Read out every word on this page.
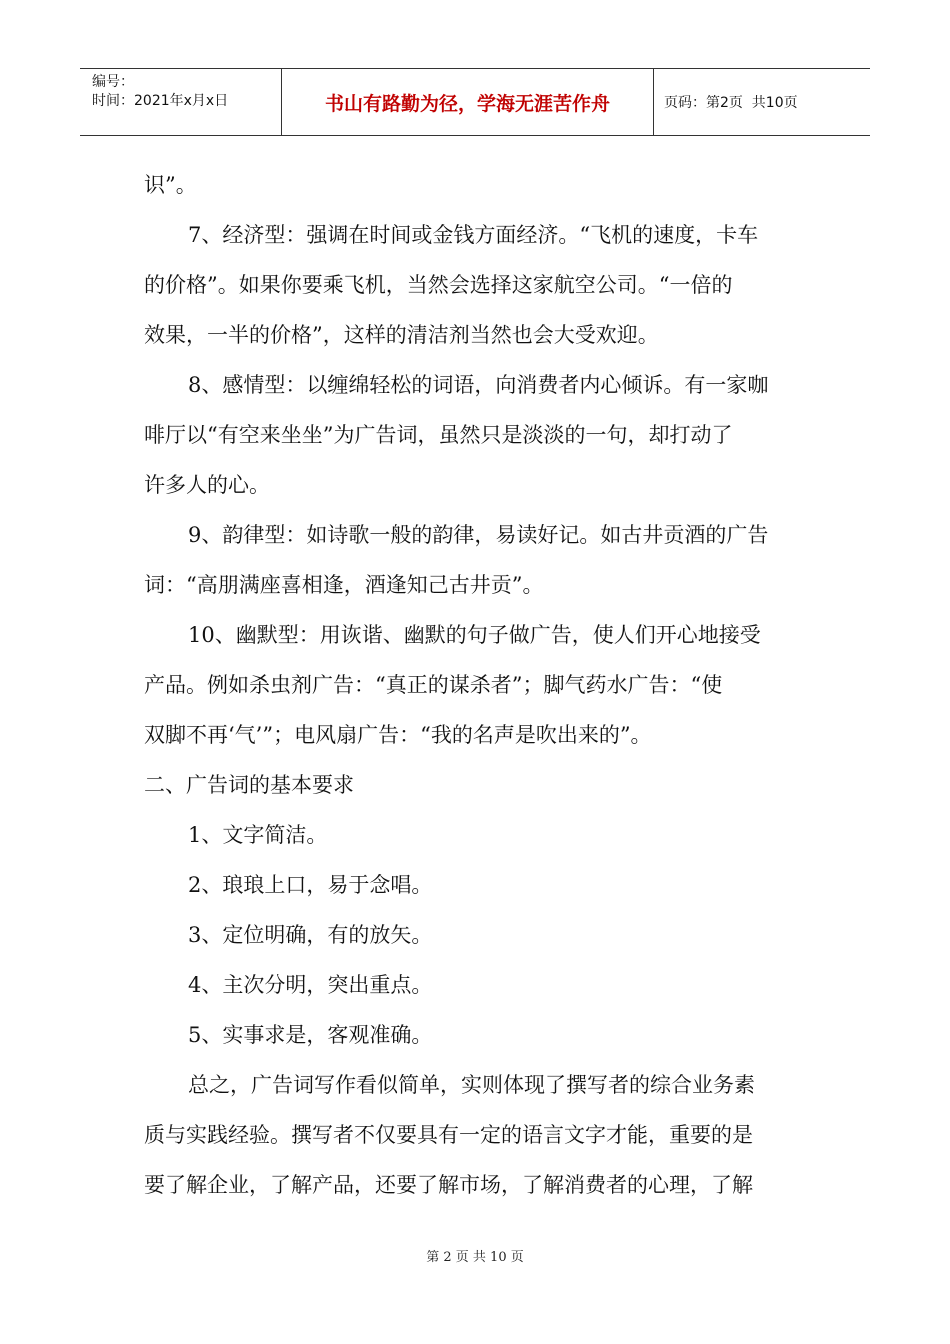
编号：
时间：2021年x月x日	书山有路勤为径，学海无涯苦作舟	页码：第2页  共10页
识”。
7、经济型：强调在时间或金钱方面经济。“飞机的速度，卡车
的价格”。如果你要乘飞机，当然会选择这家航空公司。“一倍的
效果，一半的价格”，这样的清洁剂当然也会大受欢迎。
8、感情型：以缠绵轻松的词语，向消费者内心倾诉。有一家咖
啡厅以“有空来坐坐”为广告词，虽然只是淡淡的一句，却打动了
许多人的心。
9、韵律型：如诗歌一般的韵律，易读好记。如古井贡酒的广告
词：“高朋满座喜相逢，酒逢知己古井贡”。
10、幽默型：用诙谐、幽默的句子做广告，使人们开心地接受
产品。例如杀虫剂广告：“真正的谋杀者”；脚气药水广告：“使
双脚不再‘气’”；电风扇广告：“我的名声是吹出来的”。
二、广告词的基本要求
1、文字简洁。
2、琅琅上口，易于念唱。
3、定位明确，有的放矢。
4、主次分明，突出重点。
5、实事求是，客观准确。
总之，广告词写作看似简单，实则体现了撰写者的综合业务素
质与实践经验。撰写者不仅要具有一定的语言文字才能，重要的是
要了解企业，了解产品，还要了解市场，了解消费者的心理，了解
第 2 页 共 10 页
